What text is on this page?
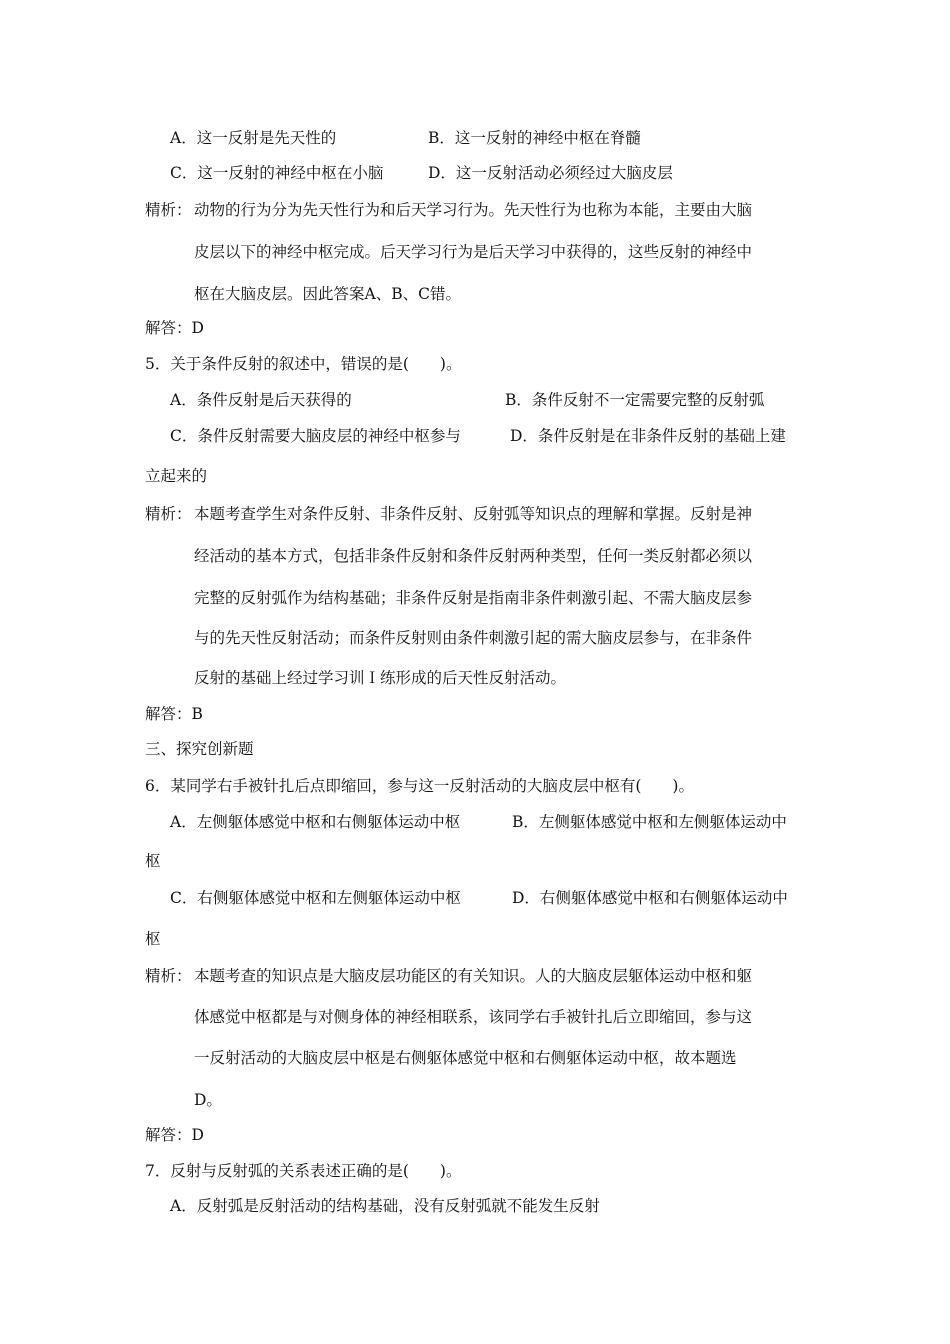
A．这一反射是先天性的	B．这一反射的神经中枢在脊髓
C．这一反射的神经中枢在小脑	D．这一反射活动必须经过大脑皮层
精析： 动物的行为分为先天性行为和后天学习行为。先天性行为也称为本能，主要由大脑
皮层以下的神经中枢完成。后天学习行为是后天学习中获得的，这些反射的神经中
枢在大脑皮层。因此答案A、B、C错。
解答：D
5．关于条件反射的叙述中，错误的是(　　)。
A．条件反射是后天获得的	B．条件反射不一定需要完整的反射弧
C．条件反射需要大脑皮层的神经中枢参与	D．条件反射是在非条件反射的基础上建
立起来的
精析： 本题考查学生对条件反射、非条件反射、反射弧等知识点的理解和掌握。反射是神
经活动的基本方式，包括非条件反射和条件反射两种类型，任何一类反射都必须以
完整的反射弧作为结构基础；非条件反射是指南非条件刺激引起、不需大脑皮层参
与的先天性反射活动；而条件反射则由条件刺激引起的需大脑皮层参与，在非条件
反射的基础上经过学习训Ｉ练形成的后天性反射活动。
解答：B
三、探究创新题
6．某同学右手被针扎后点即缩回，参与这一反射活动的大脑皮层中枢有(　　)。
A．左侧躯体感觉中枢和右侧躯体运动中枢	B．左侧躯体感觉中枢和左侧躯体运动中
枢
C．右侧躯体感觉中枢和左侧躯体运动中枢	D．右侧躯体感觉中枢和右侧躯体运动中
枢
精析： 本题考查的知识点是大脑皮层功能区的有关知识。人的大脑皮层躯体运动中枢和躯
体感觉中枢都是与对侧身体的神经相联系，该同学右手被针扎后立即缩回，参与这
一反射活动的大脑皮层中枢是右侧躯体感觉中枢和右侧躯体运动中枢，故本题选
D。
解答：D
7．反射与反射弧的关系表述正确的是(　　)。
A．反射弧是反射活动的结构基础，没有反射弧就不能发生反射
